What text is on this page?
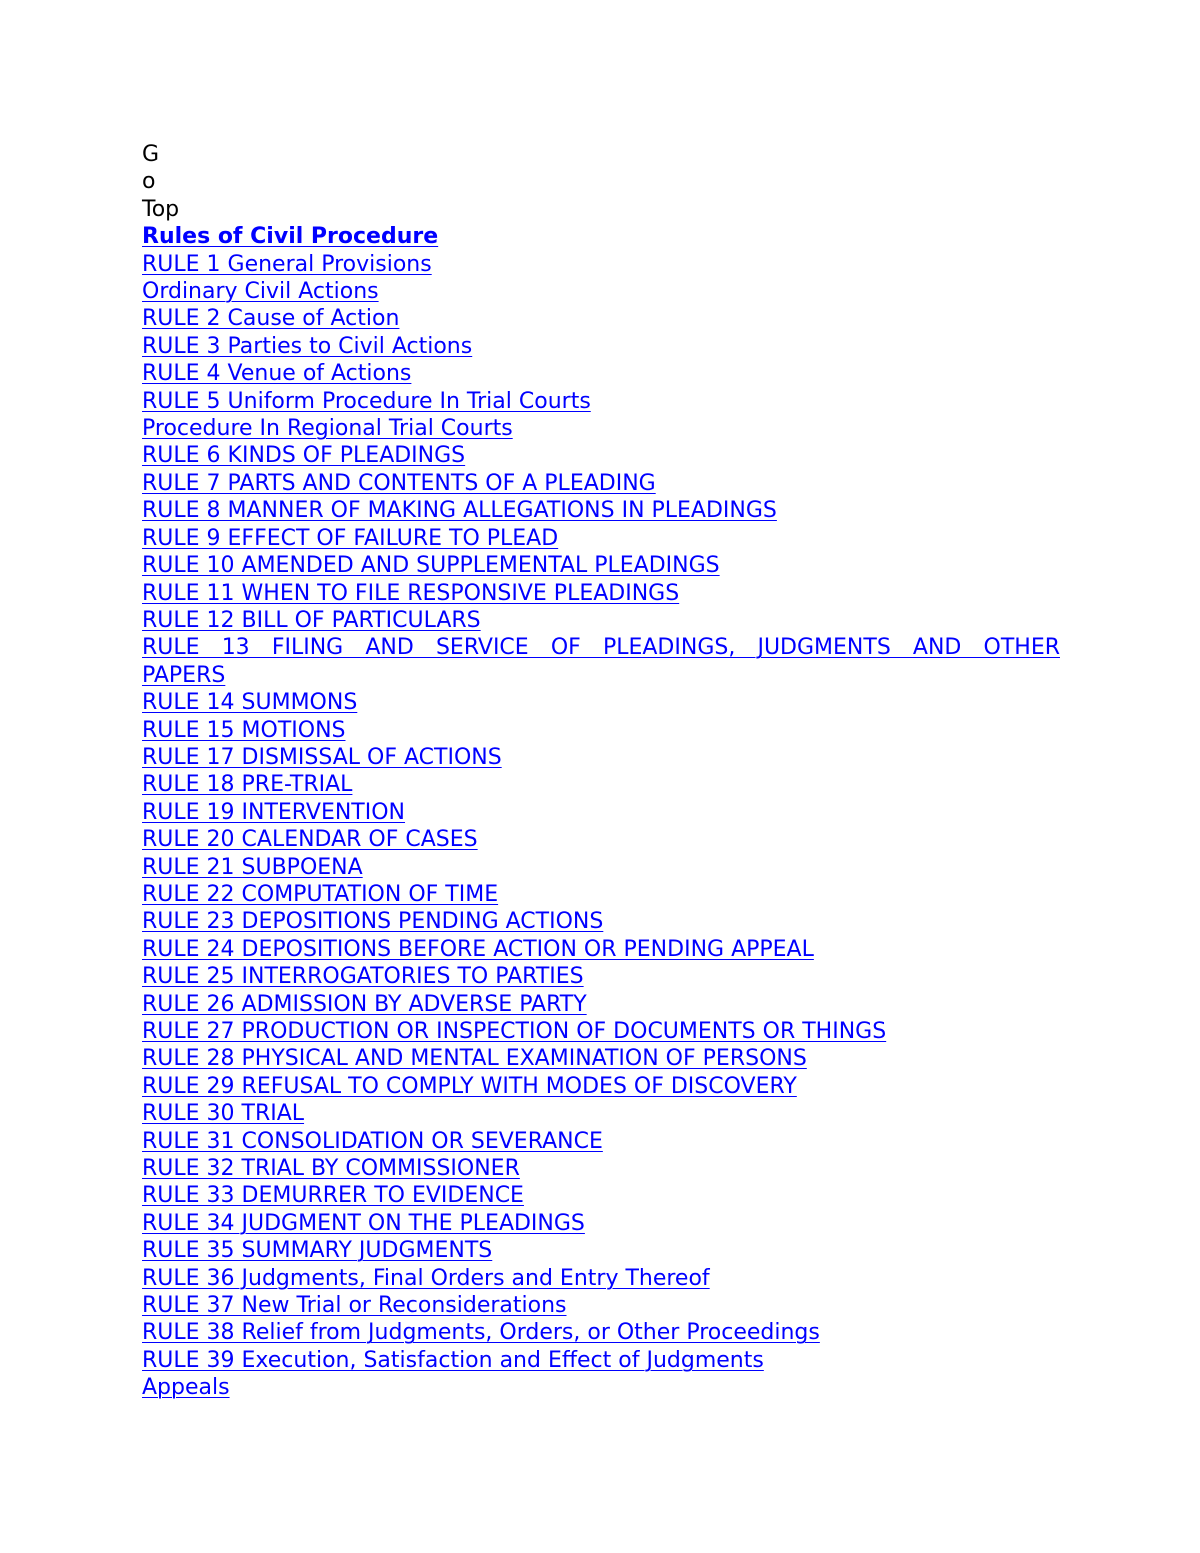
G
o
Top
Rules of Civil Procedure
RULE 1 General Provisions
Ordinary Civil Actions
RULE 2 Cause of Action
RULE 3 Parties to Civil Actions
RULE 4 Venue of Actions
RULE 5 Uniform Procedure In Trial Courts
Procedure In Regional Trial Courts
RULE 6 KINDS OF PLEADINGS
RULE 7 PARTS AND CONTENTS OF A PLEADING
RULE 8 MANNER OF MAKING ALLEGATIONS IN PLEADINGS
RULE 9 EFFECT OF FAILURE TO PLEAD
RULE 10 AMENDED AND SUPPLEMENTAL PLEADINGS
RULE 11 WHEN TO FILE RESPONSIVE PLEADINGS
RULE 12 BILL OF PARTICULARS
RULE 13 FILING AND SERVICE OF PLEADINGS, JUDGMENTS AND OTHER
PAPERS
RULE 14 SUMMONS
RULE 15 MOTIONS
RULE 17 DISMISSAL OF ACTIONS
RULE 18 PRE-TRIAL
RULE 19 INTERVENTION
RULE 20 CALENDAR OF CASES
RULE 21 SUBPOENA
RULE 22 COMPUTATION OF TIME
RULE 23 DEPOSITIONS PENDING ACTIONS
RULE 24 DEPOSITIONS BEFORE ACTION OR PENDING APPEAL
RULE 25 INTERROGATORIES TO PARTIES
RULE 26 ADMISSION BY ADVERSE PARTY
RULE 27 PRODUCTION OR INSPECTION OF DOCUMENTS OR THINGS
RULE 28 PHYSICAL AND MENTAL EXAMINATION OF PERSONS
RULE 29 REFUSAL TO COMPLY WITH MODES OF DISCOVERY
RULE 30 TRIAL
RULE 31 CONSOLIDATION OR SEVERANCE
RULE 32 TRIAL BY COMMISSIONER
RULE 33 DEMURRER TO EVIDENCE
RULE 34 JUDGMENT ON THE PLEADINGS
RULE 35 SUMMARY JUDGMENTS
RULE 36 Judgments, Final Orders and Entry Thereof
RULE 37 New Trial or Reconsiderations
RULE 38 Relief from Judgments, Orders, or Other Proceedings
RULE 39 Execution, Satisfaction and Effect of Judgments
Appeals
